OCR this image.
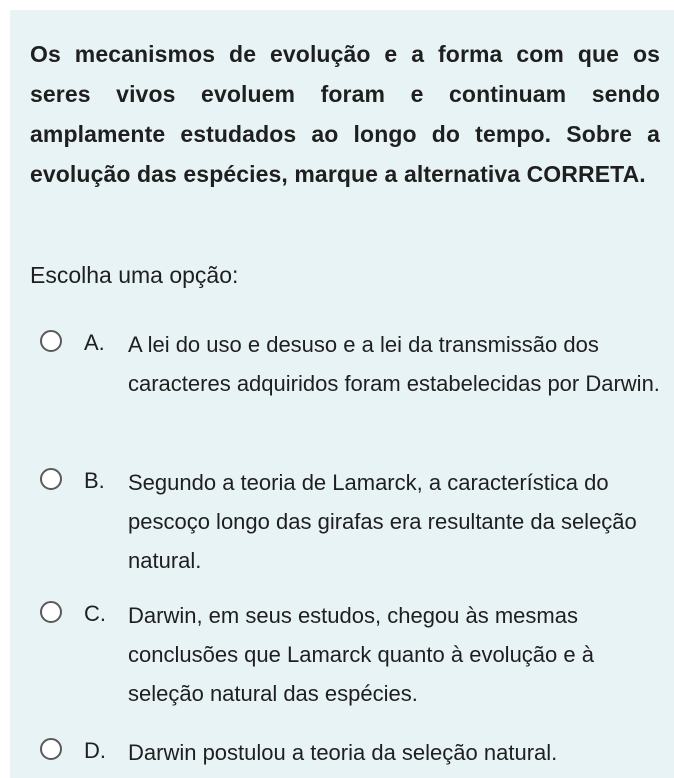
Os mecanismos de evolução e a forma com que os seres vivos evoluem foram e continuam sendo amplamente estudados ao longo do tempo. Sobre a evolução das espécies, marque a alternativa CORRETA.
Escolha uma opção:
A. A lei do uso e desuso e a lei da transmissão dos caracteres adquiridos foram estabelecidas por Darwin.
B. Segundo a teoria de Lamarck, a característica do pescoço longo das girafas era resultante da seleção natural.
C. Darwin, em seus estudos, chegou às mesmas conclusões que Lamarck quanto à evolução e à seleção natural das espécies.
D. Darwin postulou a teoria da seleção natural.
